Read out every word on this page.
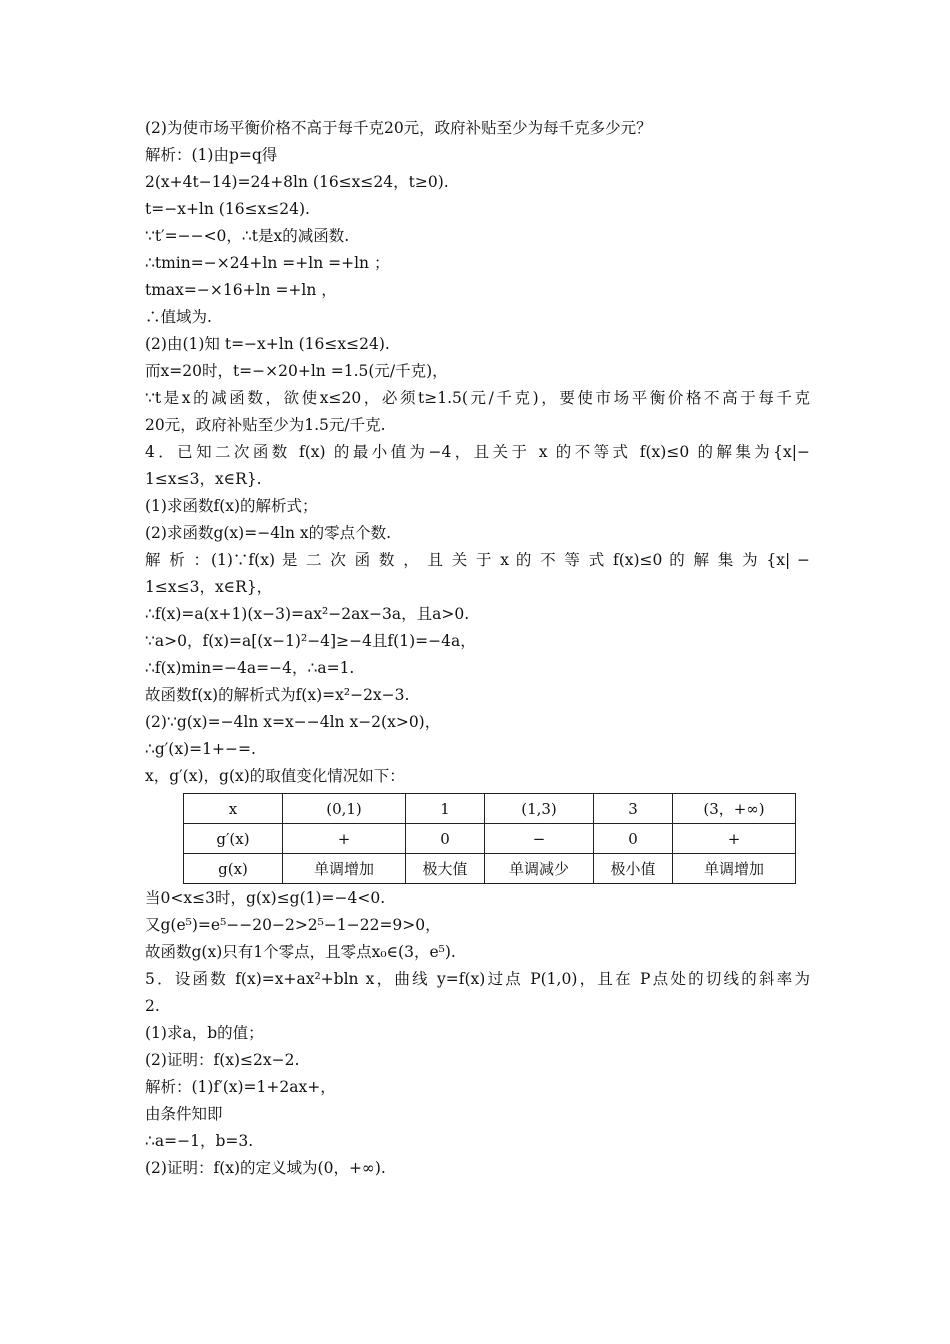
(2)为使市场平衡价格不高于每千克20元，政府补贴至少为每千克多少元？
解析：(1)由p=q得
2(x+4t−14)=24+8ln (16≤x≤24，t≥0).
t=−x+ln (16≤x≤24).
∵t′=−−<0，∴t是x的减函数.
∴tmin=−×24+ln =+ln =+ln ；
tmax=−×16+ln =+ln ，
∴值域为.
(2)由(1)知 t=−x+ln (16≤x≤24).
而x=20时，t=−×20+ln =1.5(元/千克)，
∵t是x的减函数，欲使x≤20，必须t≥1.5(元/千克)，要使市场平衡价格不高于每千克
20元，政府补贴至少为1.5元/千克.
4．已知二次函数 f(x) 的最小值为−4，且关于 x 的不等式 f(x)≤0 的解集为{x|−
1≤x≤3，x∈R}.
(1)求函数f(x)的解析式；
(2)求函数g(x)=−4ln x的零点个数.
解 析 ：(1)∵f(x) 是 二 次 函 数 ， 且 关 于 x 的 不 等 式 f(x)≤0 的 解 集 为 {x| −
1≤x≤3，x∈R}，
∴f(x)=a(x+1)(x−3)=ax²−2ax−3a，且a>0.
∵a>0，f(x)=a[(x−1)²−4]≥−4且f(1)=−4a，
∴f(x)min=−4a=−4，∴a=1.
故函数f(x)的解析式为f(x)=x²−2x−3.
(2)∵g(x)=−4ln x=x−−4ln x−2(x>0)，
∴g′(x)=1+−=.
x，g′(x)，g(x)的取值变化情况如下：
x	(0,1)	1	(1,3)	3	(3，+∞)
g′(x)	+	0	−	0	+
g(x)	单调增加	极大值	单调减少	极小值	单调增加
当0<x≤3时，g(x)≤g(1)=−4<0.
又g(e⁵)=e⁵−−20−2>2⁵−1−22=9>0，
故函数g(x)只有1个零点，且零点x₀∈(3，e⁵).
5．设函数 f(x)=x+ax²+bln x，曲线 y=f(x)过点 P(1,0)，且在 P点处的切线的斜率为
2.
(1)求a，b的值；
(2)证明：f(x)≤2x−2.
解析：(1)f′(x)=1+2ax+，
由条件知即
∴a=−1，b=3.
(2)证明：f(x)的定义域为(0，+∞).
